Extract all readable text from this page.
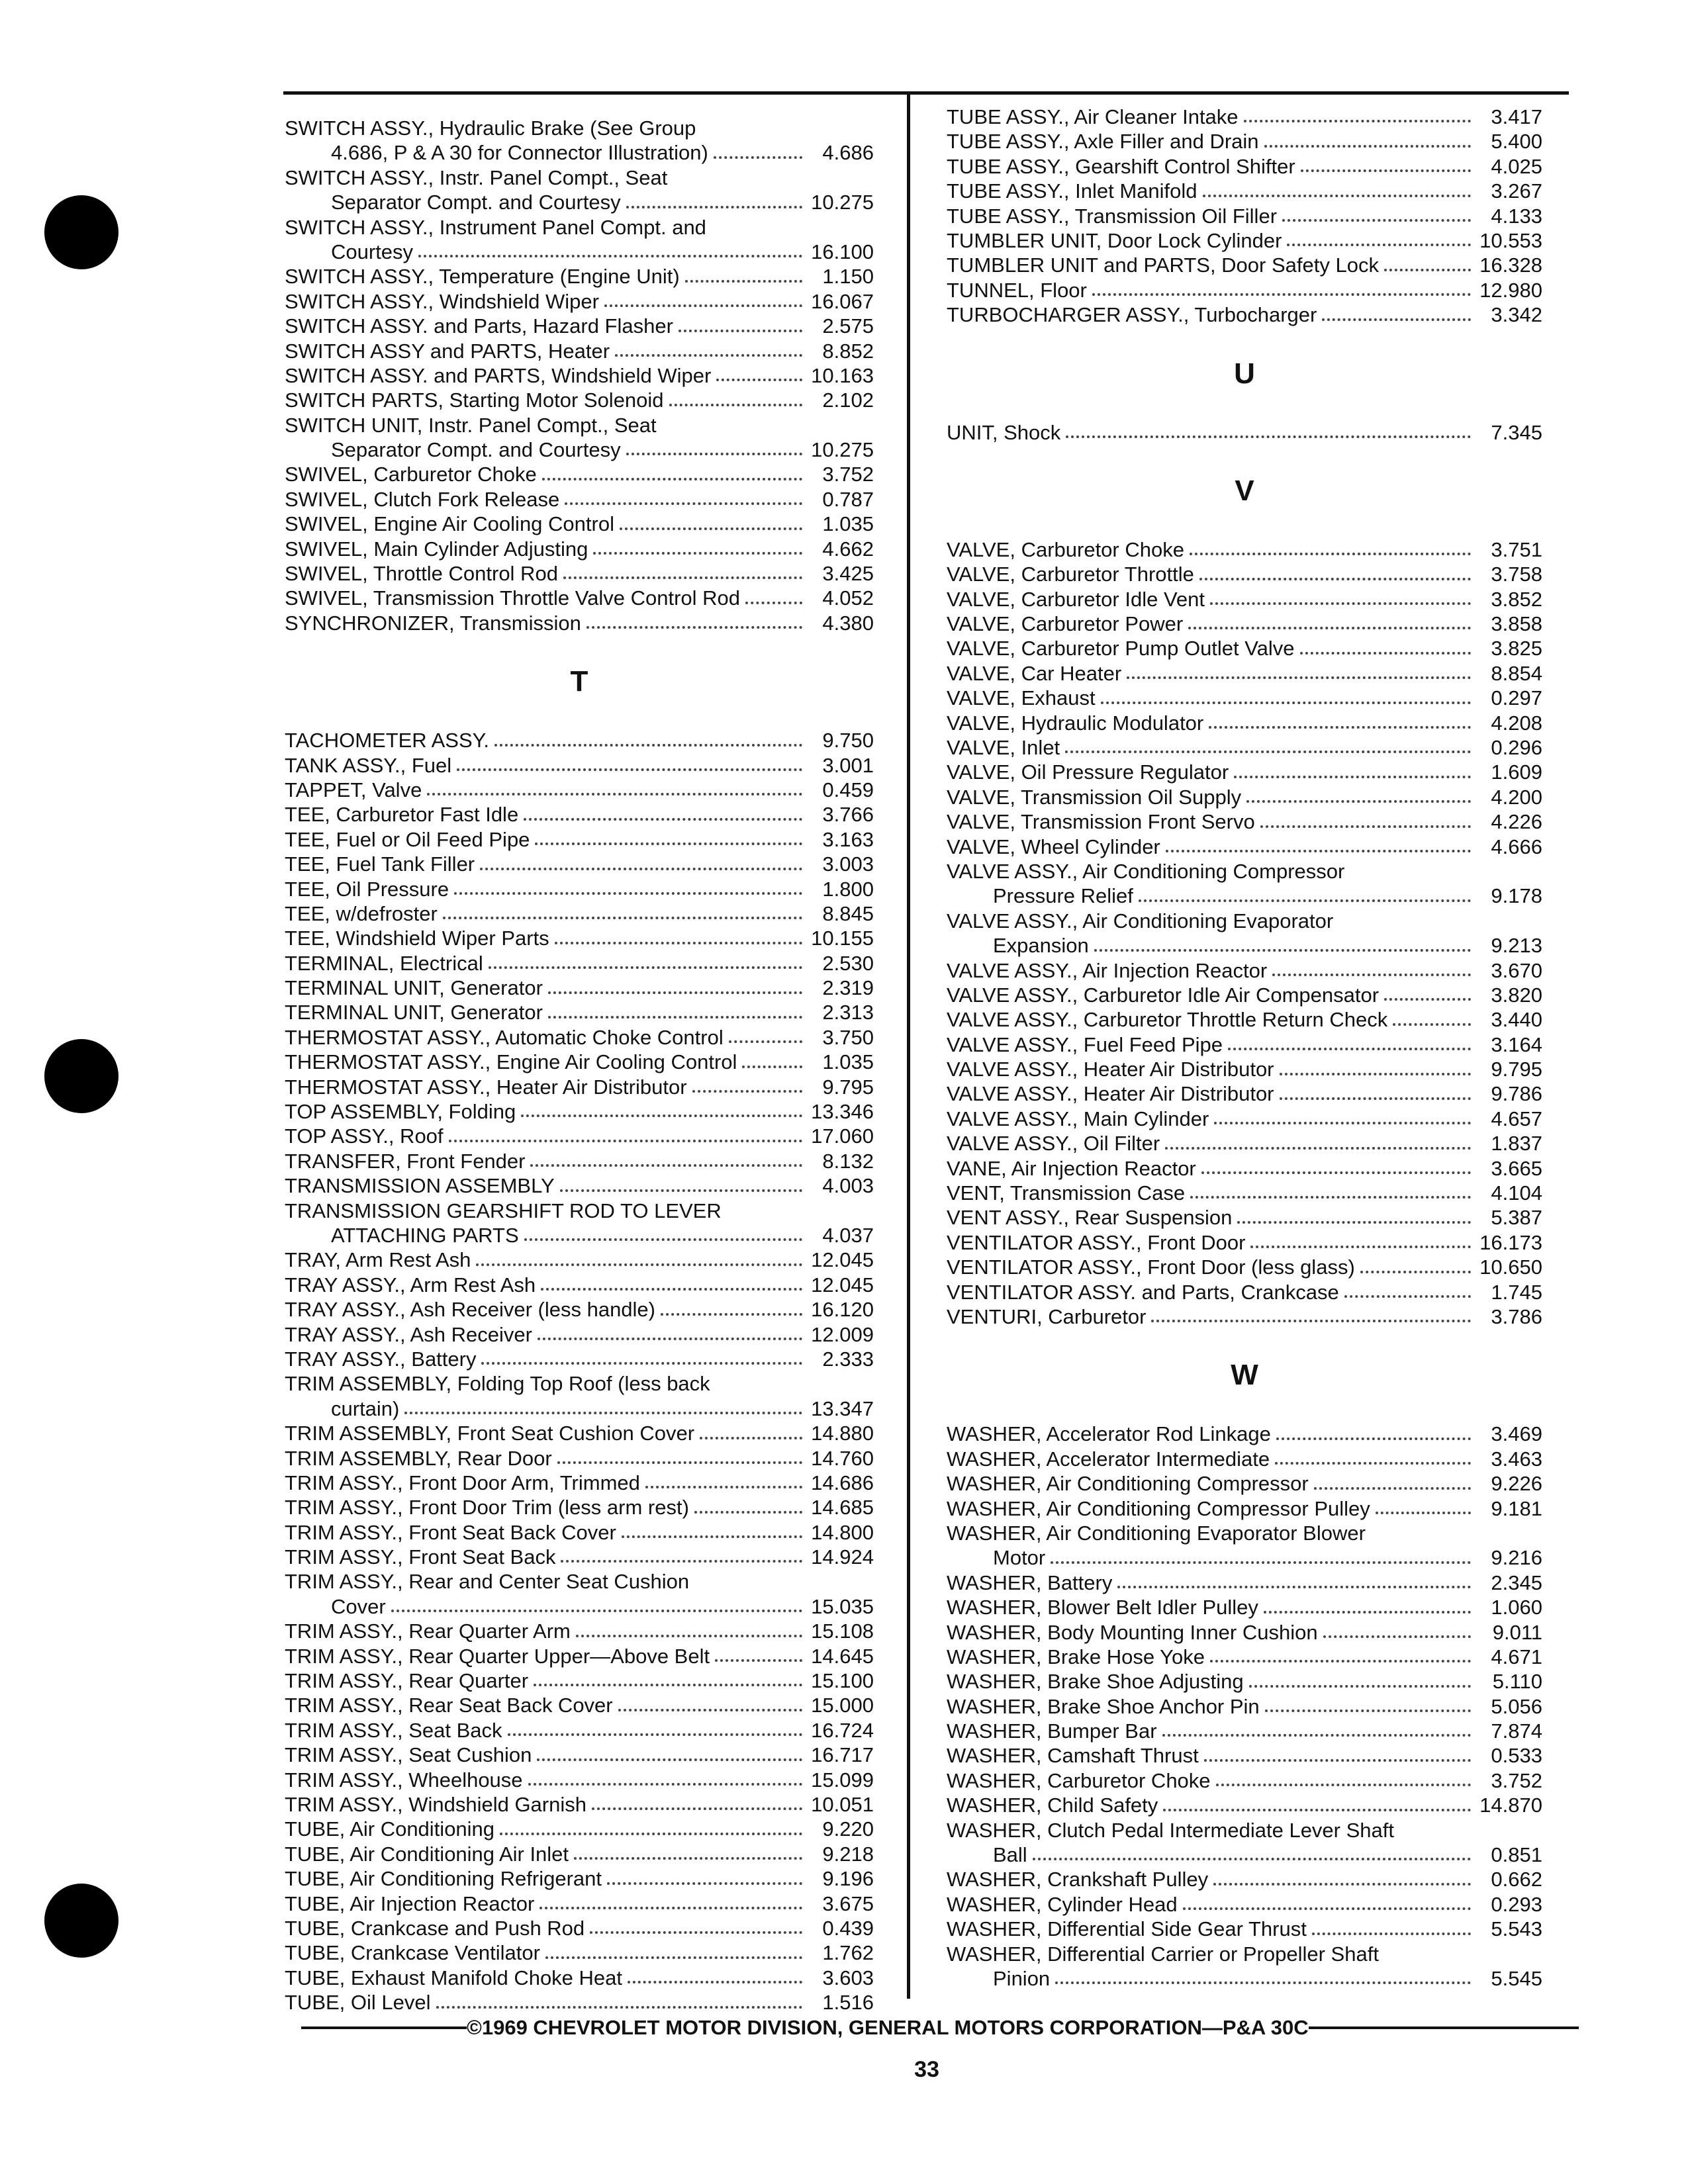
SWITCH ASSY., Hydraulic Brake (See Group
4.686, P & A 30 for Connector Illustration)	4.686
SWITCH ASSY., Instr. Panel Compt., Seat
Separator Compt. and Courtesy	10.275
SWITCH ASSY., Instrument Panel Compt. and
Courtesy	16.100
SWITCH ASSY., Temperature (Engine Unit)	1.150
SWITCH ASSY., Windshield Wiper	16.067
SWITCH ASSY. and Parts, Hazard Flasher	2.575
SWITCH ASSY and PARTS, Heater	8.852
SWITCH ASSY. and PARTS, Windshield Wiper	10.163
SWITCH PARTS, Starting Motor Solenoid	2.102
SWITCH UNIT, Instr. Panel Compt., Seat
Separator Compt. and Courtesy	10.275
SWIVEL, Carburetor Choke	3.752
SWIVEL, Clutch Fork Release	0.787
SWIVEL, Engine Air Cooling Control	1.035
SWIVEL, Main Cylinder Adjusting	4.662
SWIVEL, Throttle Control Rod	3.425
SWIVEL, Transmission Throttle Valve Control Rod	4.052
SYNCHRONIZER, Transmission	4.380
T
TACHOMETER ASSY.	9.750
TANK ASSY., Fuel	3.001
TAPPET, Valve	0.459
TEE, Carburetor Fast Idle	3.766
TEE, Fuel or Oil Feed Pipe	3.163
TEE, Fuel Tank Filler	3.003
TEE, Oil Pressure	1.800
TEE, w/defroster	8.845
TEE, Windshield Wiper Parts	10.155
TERMINAL, Electrical	2.530
TERMINAL UNIT, Generator	2.319
TERMINAL UNIT, Generator	2.313
THERMOSTAT ASSY., Automatic Choke Control	3.750
THERMOSTAT ASSY., Engine Air Cooling Control	1.035
THERMOSTAT ASSY., Heater Air Distributor	9.795
TOP ASSEMBLY, Folding	13.346
TOP ASSY., Roof	17.060
TRANSFER, Front Fender	8.132
TRANSMISSION ASSEMBLY	4.003
TRANSMISSION GEARSHIFT ROD TO LEVER
ATTACHING PARTS	4.037
TRAY, Arm Rest Ash	12.045
TRAY ASSY., Arm Rest Ash	12.045
TRAY ASSY., Ash Receiver (less handle)	16.120
TRAY ASSY., Ash Receiver	12.009
TRAY ASSY., Battery	2.333
TRIM ASSEMBLY, Folding Top Roof (less back
curtain)	13.347
TRIM ASSEMBLY, Front Seat Cushion Cover	14.880
TRIM ASSEMBLY, Rear Door	14.760
TRIM ASSY., Front Door Arm, Trimmed	14.686
TRIM ASSY., Front Door Trim (less arm rest)	14.685
TRIM ASSY., Front Seat Back Cover	14.800
TRIM ASSY., Front Seat Back	14.924
TRIM ASSY., Rear and Center Seat Cushion
Cover	15.035
TRIM ASSY., Rear Quarter Arm	15.108
TRIM ASSY., Rear Quarter Upper—Above Belt	14.645
TRIM ASSY., Rear Quarter	15.100
TRIM ASSY., Rear Seat Back Cover	15.000
TRIM ASSY., Seat Back	16.724
TRIM ASSY., Seat Cushion	16.717
TRIM ASSY., Wheelhouse	15.099
TRIM ASSY., Windshield Garnish	10.051
TUBE, Air Conditioning	9.220
TUBE, Air Conditioning Air Inlet	9.218
TUBE, Air Conditioning Refrigerant	9.196
TUBE, Air Injection Reactor	3.675
TUBE, Crankcase and Push Rod	0.439
TUBE, Crankcase Ventilator	1.762
TUBE, Exhaust Manifold Choke Heat	3.603
TUBE, Oil Level	1.516
TUBE ASSY., Air Cleaner Intake	3.417
TUBE ASSY., Axle Filler and Drain	5.400
TUBE ASSY., Gearshift Control Shifter	4.025
TUBE ASSY., Inlet Manifold	3.267
TUBE ASSY., Transmission Oil Filler	4.133
TUMBLER UNIT, Door Lock Cylinder	10.553
TUMBLER UNIT and PARTS, Door Safety Lock	16.328
TUNNEL, Floor	12.980
TURBOCHARGER ASSY., Turbocharger	3.342
U
UNIT, Shock	7.345
V
VALVE, Carburetor Choke	3.751
VALVE, Carburetor Throttle	3.758
VALVE, Carburetor Idle Vent	3.852
VALVE, Carburetor Power	3.858
VALVE, Carburetor Pump Outlet Valve	3.825
VALVE, Car Heater	8.854
VALVE, Exhaust	0.297
VALVE, Hydraulic Modulator	4.208
VALVE, Inlet	0.296
VALVE, Oil Pressure Regulator	1.609
VALVE, Transmission Oil Supply	4.200
VALVE, Transmission Front Servo	4.226
VALVE, Wheel Cylinder	4.666
VALVE ASSY., Air Conditioning Compressor
Pressure Relief	9.178
VALVE ASSY., Air Conditioning Evaporator
Expansion	9.213
VALVE ASSY., Air Injection Reactor	3.670
VALVE ASSY., Carburetor Idle Air Compensator	3.820
VALVE ASSY., Carburetor Throttle Return Check	3.440
VALVE ASSY., Fuel Feed Pipe	3.164
VALVE ASSY., Heater Air Distributor	9.795
VALVE ASSY., Heater Air Distributor	9.786
VALVE ASSY., Main Cylinder	4.657
VALVE ASSY., Oil Filter	1.837
VANE, Air Injection Reactor	3.665
VENT, Transmission Case	4.104
VENT ASSY., Rear Suspension	5.387
VENTILATOR ASSY., Front Door	16.173
VENTILATOR ASSY., Front Door (less glass)	10.650
VENTILATOR ASSY. and Parts, Crankcase	1.745
VENTURI, Carburetor	3.786
W
WASHER, Accelerator Rod Linkage	3.469
WASHER, Accelerator Intermediate	3.463
WASHER, Air Conditioning Compressor	9.226
WASHER, Air Conditioning Compressor Pulley	9.181
WASHER, Air Conditioning Evaporator Blower
Motor	9.216
WASHER, Battery	2.345
WASHER, Blower Belt Idler Pulley	1.060
WASHER, Body Mounting Inner Cushion	9.011
WASHER, Brake Hose Yoke	4.671
WASHER, Brake Shoe Adjusting	5.110
WASHER, Brake Shoe Anchor Pin	5.056
WASHER, Bumper Bar	7.874
WASHER, Camshaft Thrust	0.533
WASHER, Carburetor Choke	3.752
WASHER, Child Safety	14.870
WASHER, Clutch Pedal Intermediate Lever Shaft
Ball	0.851
WASHER, Crankshaft Pulley	0.662
WASHER, Cylinder Head	0.293
WASHER, Differential Side Gear Thrust	5.543
WASHER, Differential Carrier or Propeller Shaft
Pinion	5.545
©1969 CHEVROLET MOTOR DIVISION, GENERAL MOTORS CORPORATION—P&A 30C
33
